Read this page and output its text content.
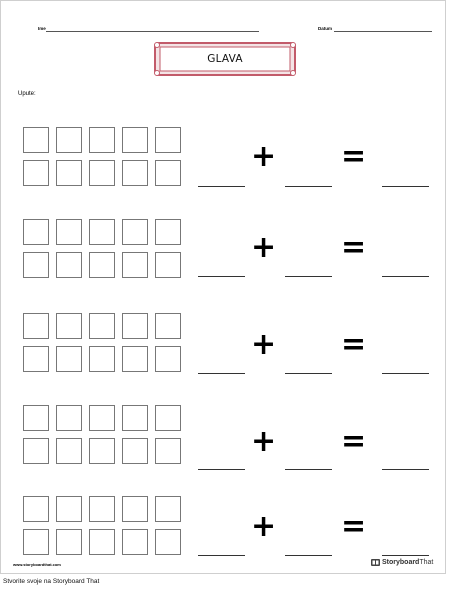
Ime	Datum
GLAVA
Upute:
+ =
+ =
+ =
+ =
+ =
www.storyboardthat.com	Storyboard That
Stvorite svoje na Storyboard That
